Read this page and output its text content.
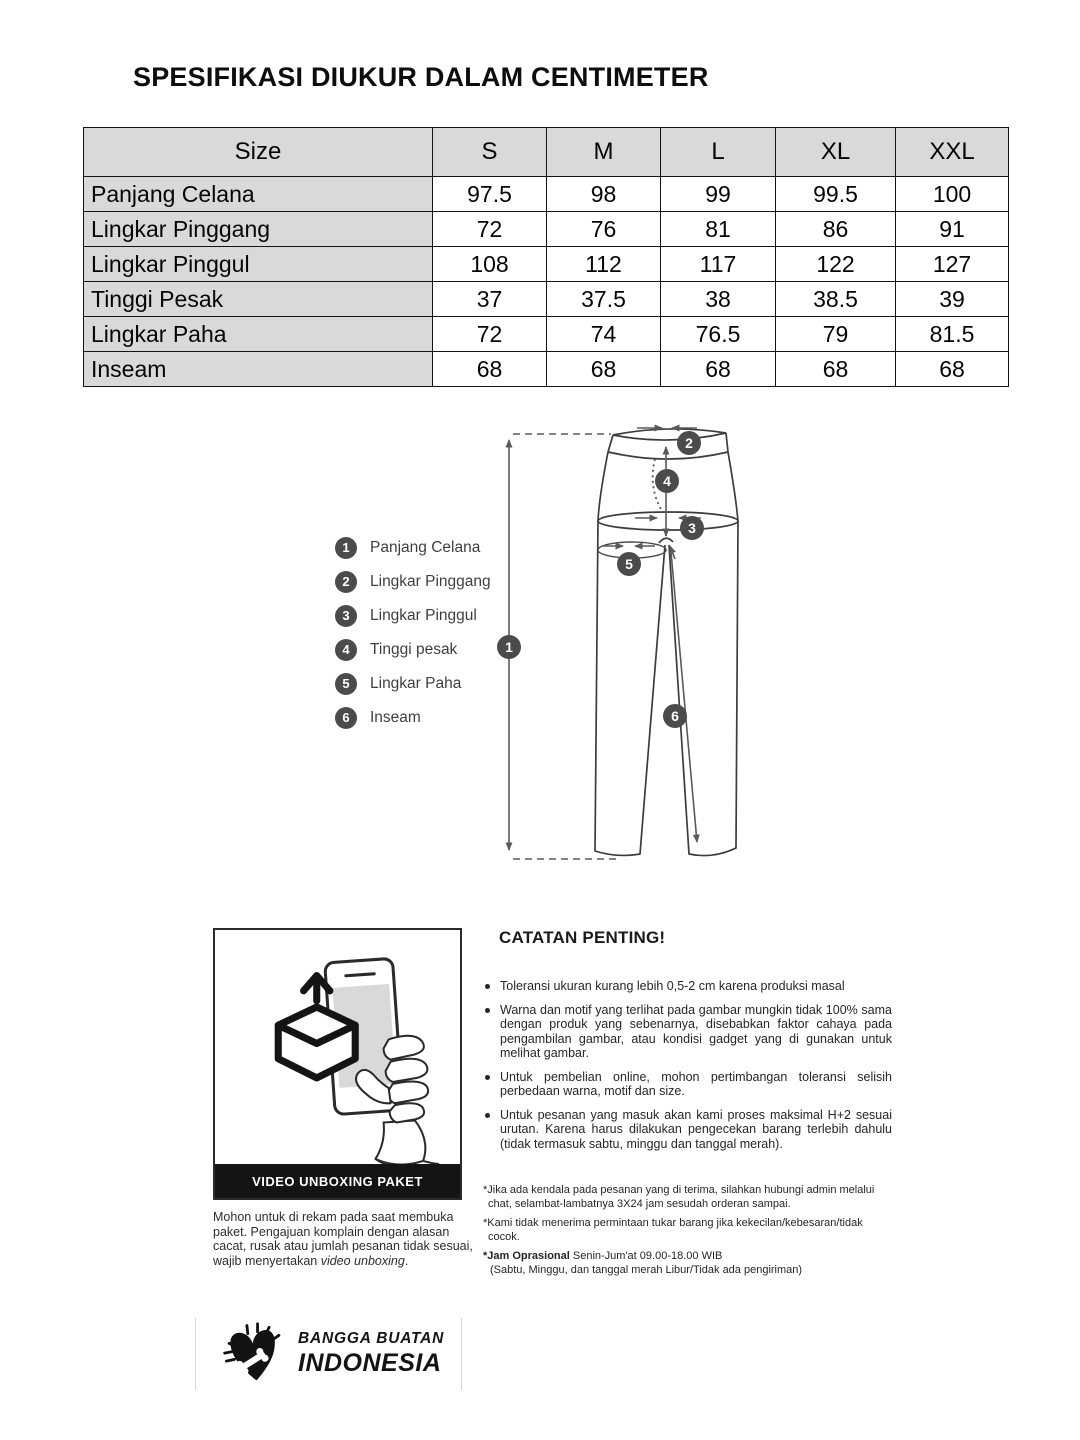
SPESIFIKASI DIUKUR DALAM CENTIMETER
Size	S	M	L	XL	XXL
Panjang Celana	97.5	98	99	99.5	100
Lingkar Pinggang	72	76	81	86	91
Lingkar Pinggul	108	112	117	122	127
Tinggi Pesak	37	37.5	38	38.5	39
Lingkar Paha	72	74	76.5	79	81.5
Inseam	68	68	68	68	68
1	Panjang Celana
2	Lingkar Pinggang
3	Lingkar Pinggul
4	Tinggi pesak
5	Lingkar Paha
6	Inseam
1
2
3
4
5
6
VIDEO UNBOXING PAKET
Mohon untuk di rekam pada saat membuka paket. Pengajuan komplain dengan alasan cacat, rusak atau jumlah pesanan tidak sesuai, wajib menyertakan video unboxing.
CATATAN PENTING!
Toleransi ukuran kurang lebih 0,5-2 cm karena produksi masal
Warna dan motif yang terlihat pada gambar mungkin tidak 100% sama dengan produk yang sebenarnya, disebabkan faktor cahaya pada pengambilan gambar, atau kondisi gadget yang di gunakan untuk melihat gambar.
Untuk pembelian online, mohon pertimbangan toleransi selisih perbedaan warna, motif dan size.
Untuk pesanan yang masuk akan kami proses maksimal H+2 sesuai urutan. Karena harus dilakukan pengecekan barang terlebih dahulu (tidak termasuk sabtu, minggu dan tanggal merah).
*Jika ada kendala pada pesanan yang di terima, silahkan hubungi admin melalui chat, selambat-lambatnya 3X24 jam sesudah orderan sampai.
*Kami tidak menerima permintaan tukar barang jika kekecilan/kebesaran/tidak cocok.
*Jam Oprasional Senin-Jum'at 09.00-18.00 WIB
(Sabtu, Minggu, dan tanggal merah Libur/Tidak ada pengiriman)
BANGGA BUATAN
INDONESIA
